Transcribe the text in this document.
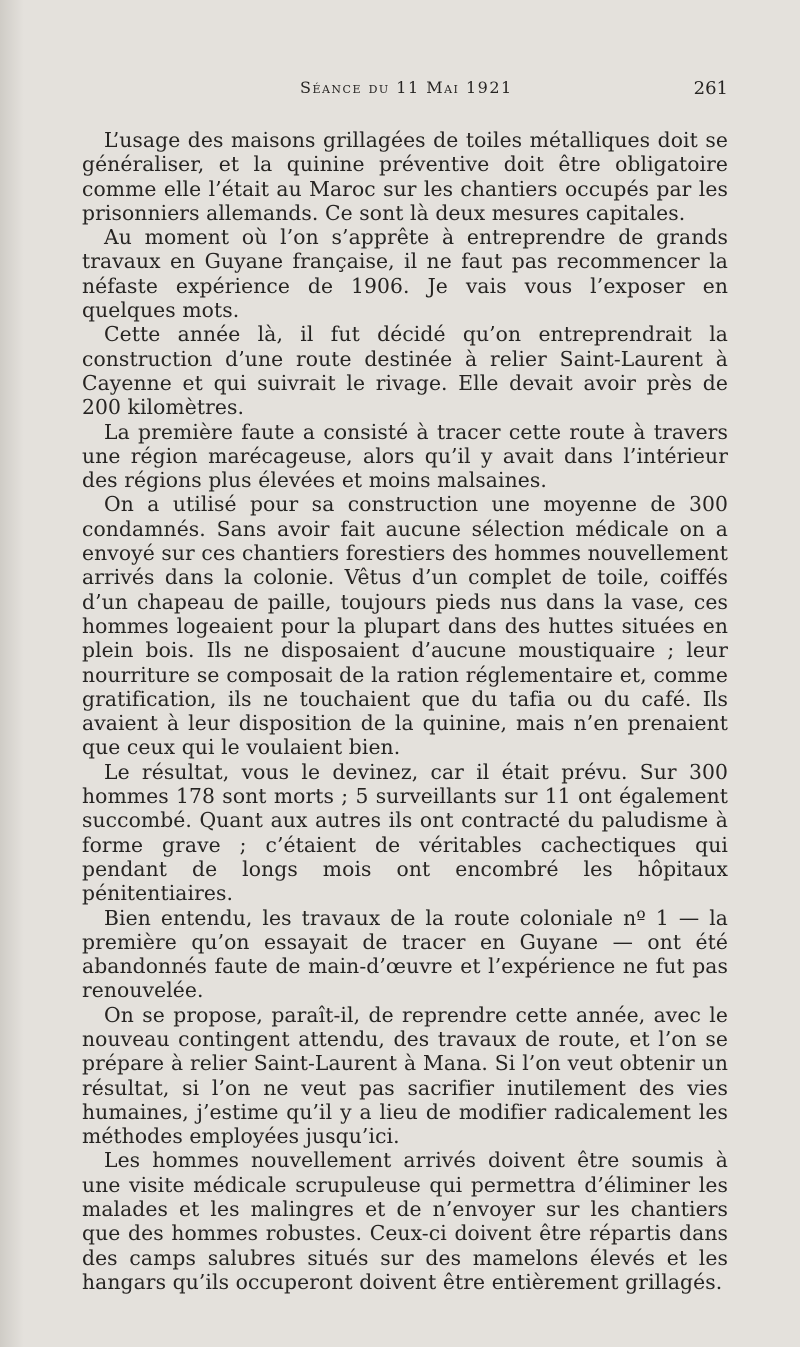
Séance du 11 Mai 1921	261

L’usage des maisons grillagées de toiles métalliques doit se généraliser, et la quinine préventive doit être obligatoire comme elle l’était au Maroc sur les chantiers occupés par les prisonniers allemands. Ce sont là deux mesures capitales.

Au moment où l’on s’apprête à entreprendre de grands travaux en Guyane française, il ne faut pas recommencer la néfaste expérience de 1906. Je vais vous l’exposer en quelques mots.

Cette année là, il fut décidé qu’on entreprendrait la construction d’une route destinée à relier Saint-Laurent à Cayenne et qui suivrait le rivage. Elle devait avoir près de 200 kilomètres.

La première faute a consisté à tracer cette route à travers une région marécageuse, alors qu’il y avait dans l’intérieur des régions plus élevées et moins malsaines.

On a utilisé pour sa construction une moyenne de 300 condamnés. Sans avoir fait aucune sélection médicale on a envoyé sur ces chantiers forestiers des hommes nouvellement arrivés dans la colonie. Vêtus d’un complet de toile, coiffés d’un chapeau de paille, toujours pieds nus dans la vase, ces hommes logeaient pour la plupart dans des huttes situées en plein bois. Ils ne disposaient d’aucune moustiquaire ; leur nourriture se composait de la ration réglementaire et, comme gratification, ils ne touchaient que du tafia ou du café. Ils avaient à leur disposition de la quinine, mais n’en prenaient que ceux qui le voulaient bien.

Le résultat, vous le devinez, car il était prévu. Sur 300 hommes 178 sont morts ; 5 surveillants sur 11 ont également succombé. Quant aux autres ils ont contracté du paludisme à forme grave ; c’étaient de véritables cachectiques qui pendant de longs mois ont encombré les hôpitaux pénitentiaires.

Bien entendu, les travaux de la route coloniale nº 1 — la première qu’on essayait de tracer en Guyane — ont été abandonnés faute de main-d’œuvre et l’expérience ne fut pas renouvelée.

On se propose, paraît-il, de reprendre cette année, avec le nouveau contingent attendu, des travaux de route, et l’on se prépare à relier Saint-Laurent à Mana. Si l’on veut obtenir un résultat, si l’on ne veut pas sacrifier inutilement des vies humaines, j’estime qu’il y a lieu de modifier radicalement les méthodes employées jusqu’ici.

Les hommes nouvellement arrivés doivent être soumis à une visite médicale scrupuleuse qui permettra d’éliminer les malades et les malingres et de n’envoyer sur les chantiers que des hommes robustes. Ceux-ci doivent être répartis dans des camps salubres situés sur des mamelons élevés et les hangars qu’ils occuperont doivent être entièrement grillagés.
